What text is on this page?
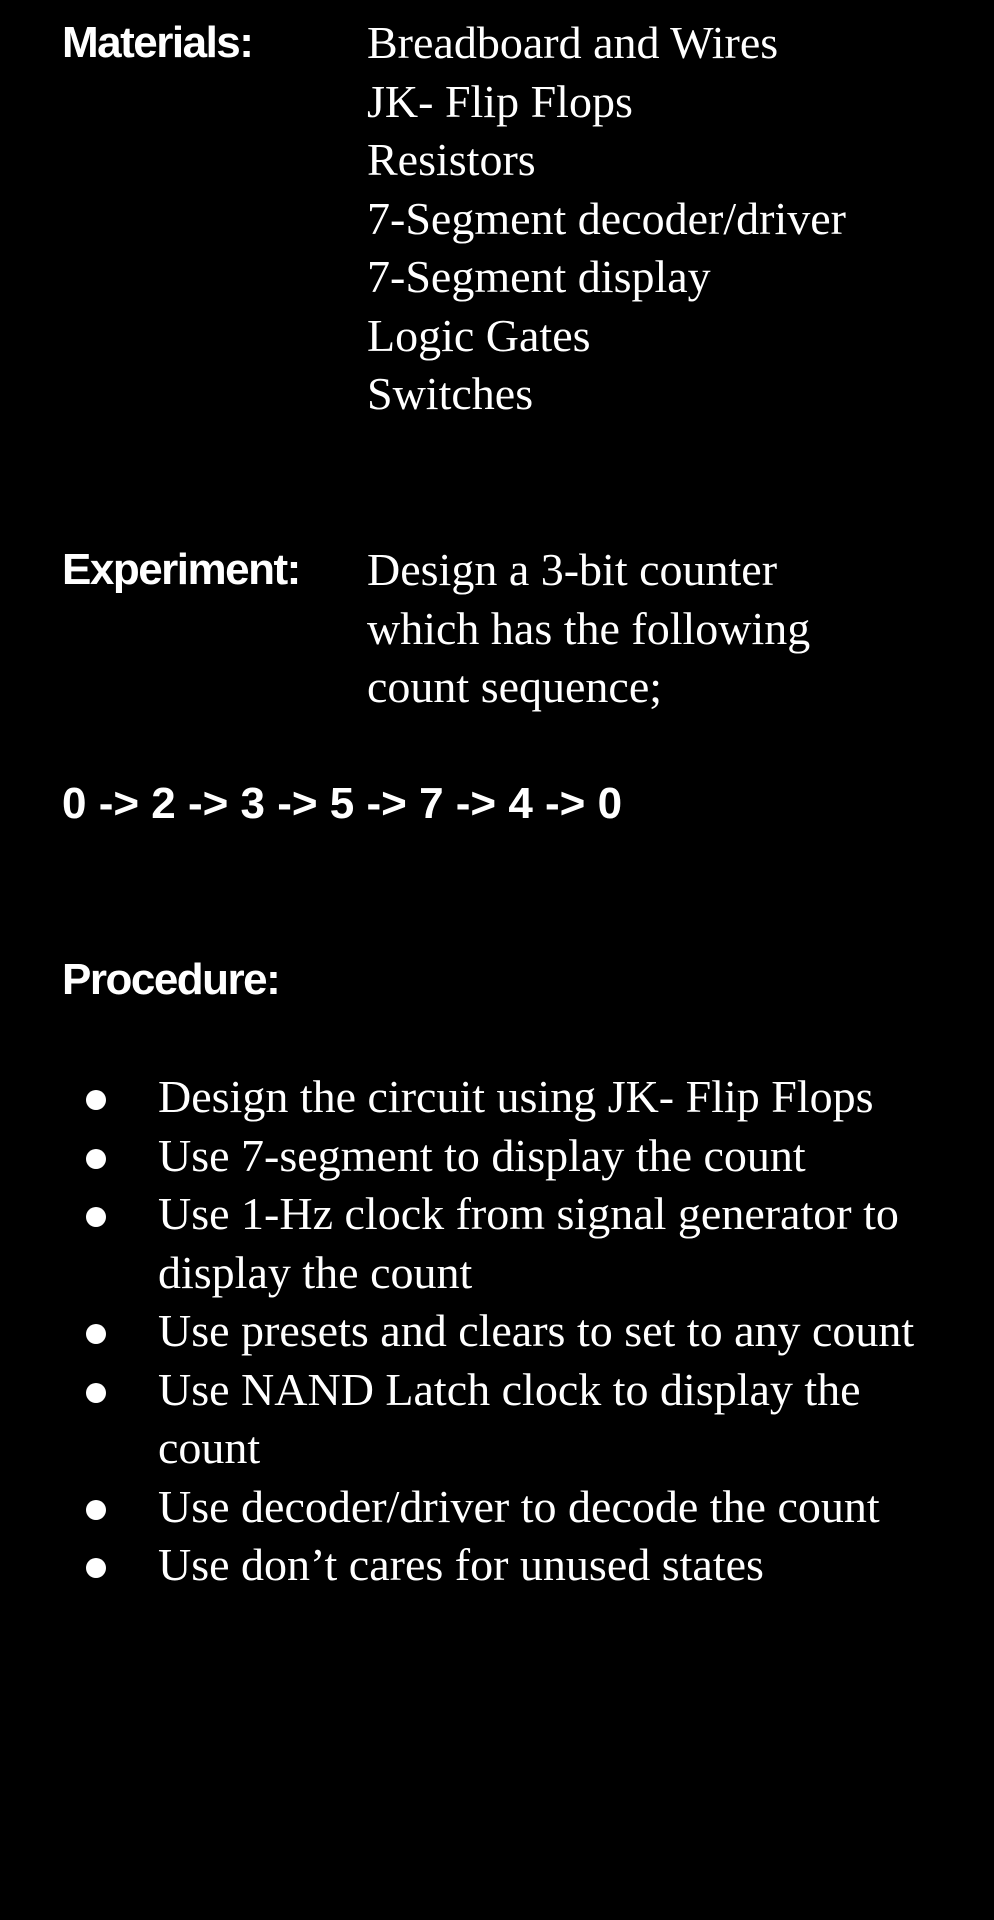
Materials: Breadboard and Wires
JK- Flip Flops
Resistors
7-Segment decoder/driver
7-Segment display
Logic Gates
Switches
Experiment: Design a 3-bit counter
which has the following
count sequence;
0 -> 2 -> 3 -> 5 -> 7 -> 4 -> 0
Procedure:
Design the circuit using JK- Flip Flops
Use 7-segment to display the count
Use 1-Hz clock from signal generator to display the count
Use presets and clears to set to any count
Use NAND Latch clock to display the count
Use decoder/driver to decode the count
Use don’t cares for unused states
